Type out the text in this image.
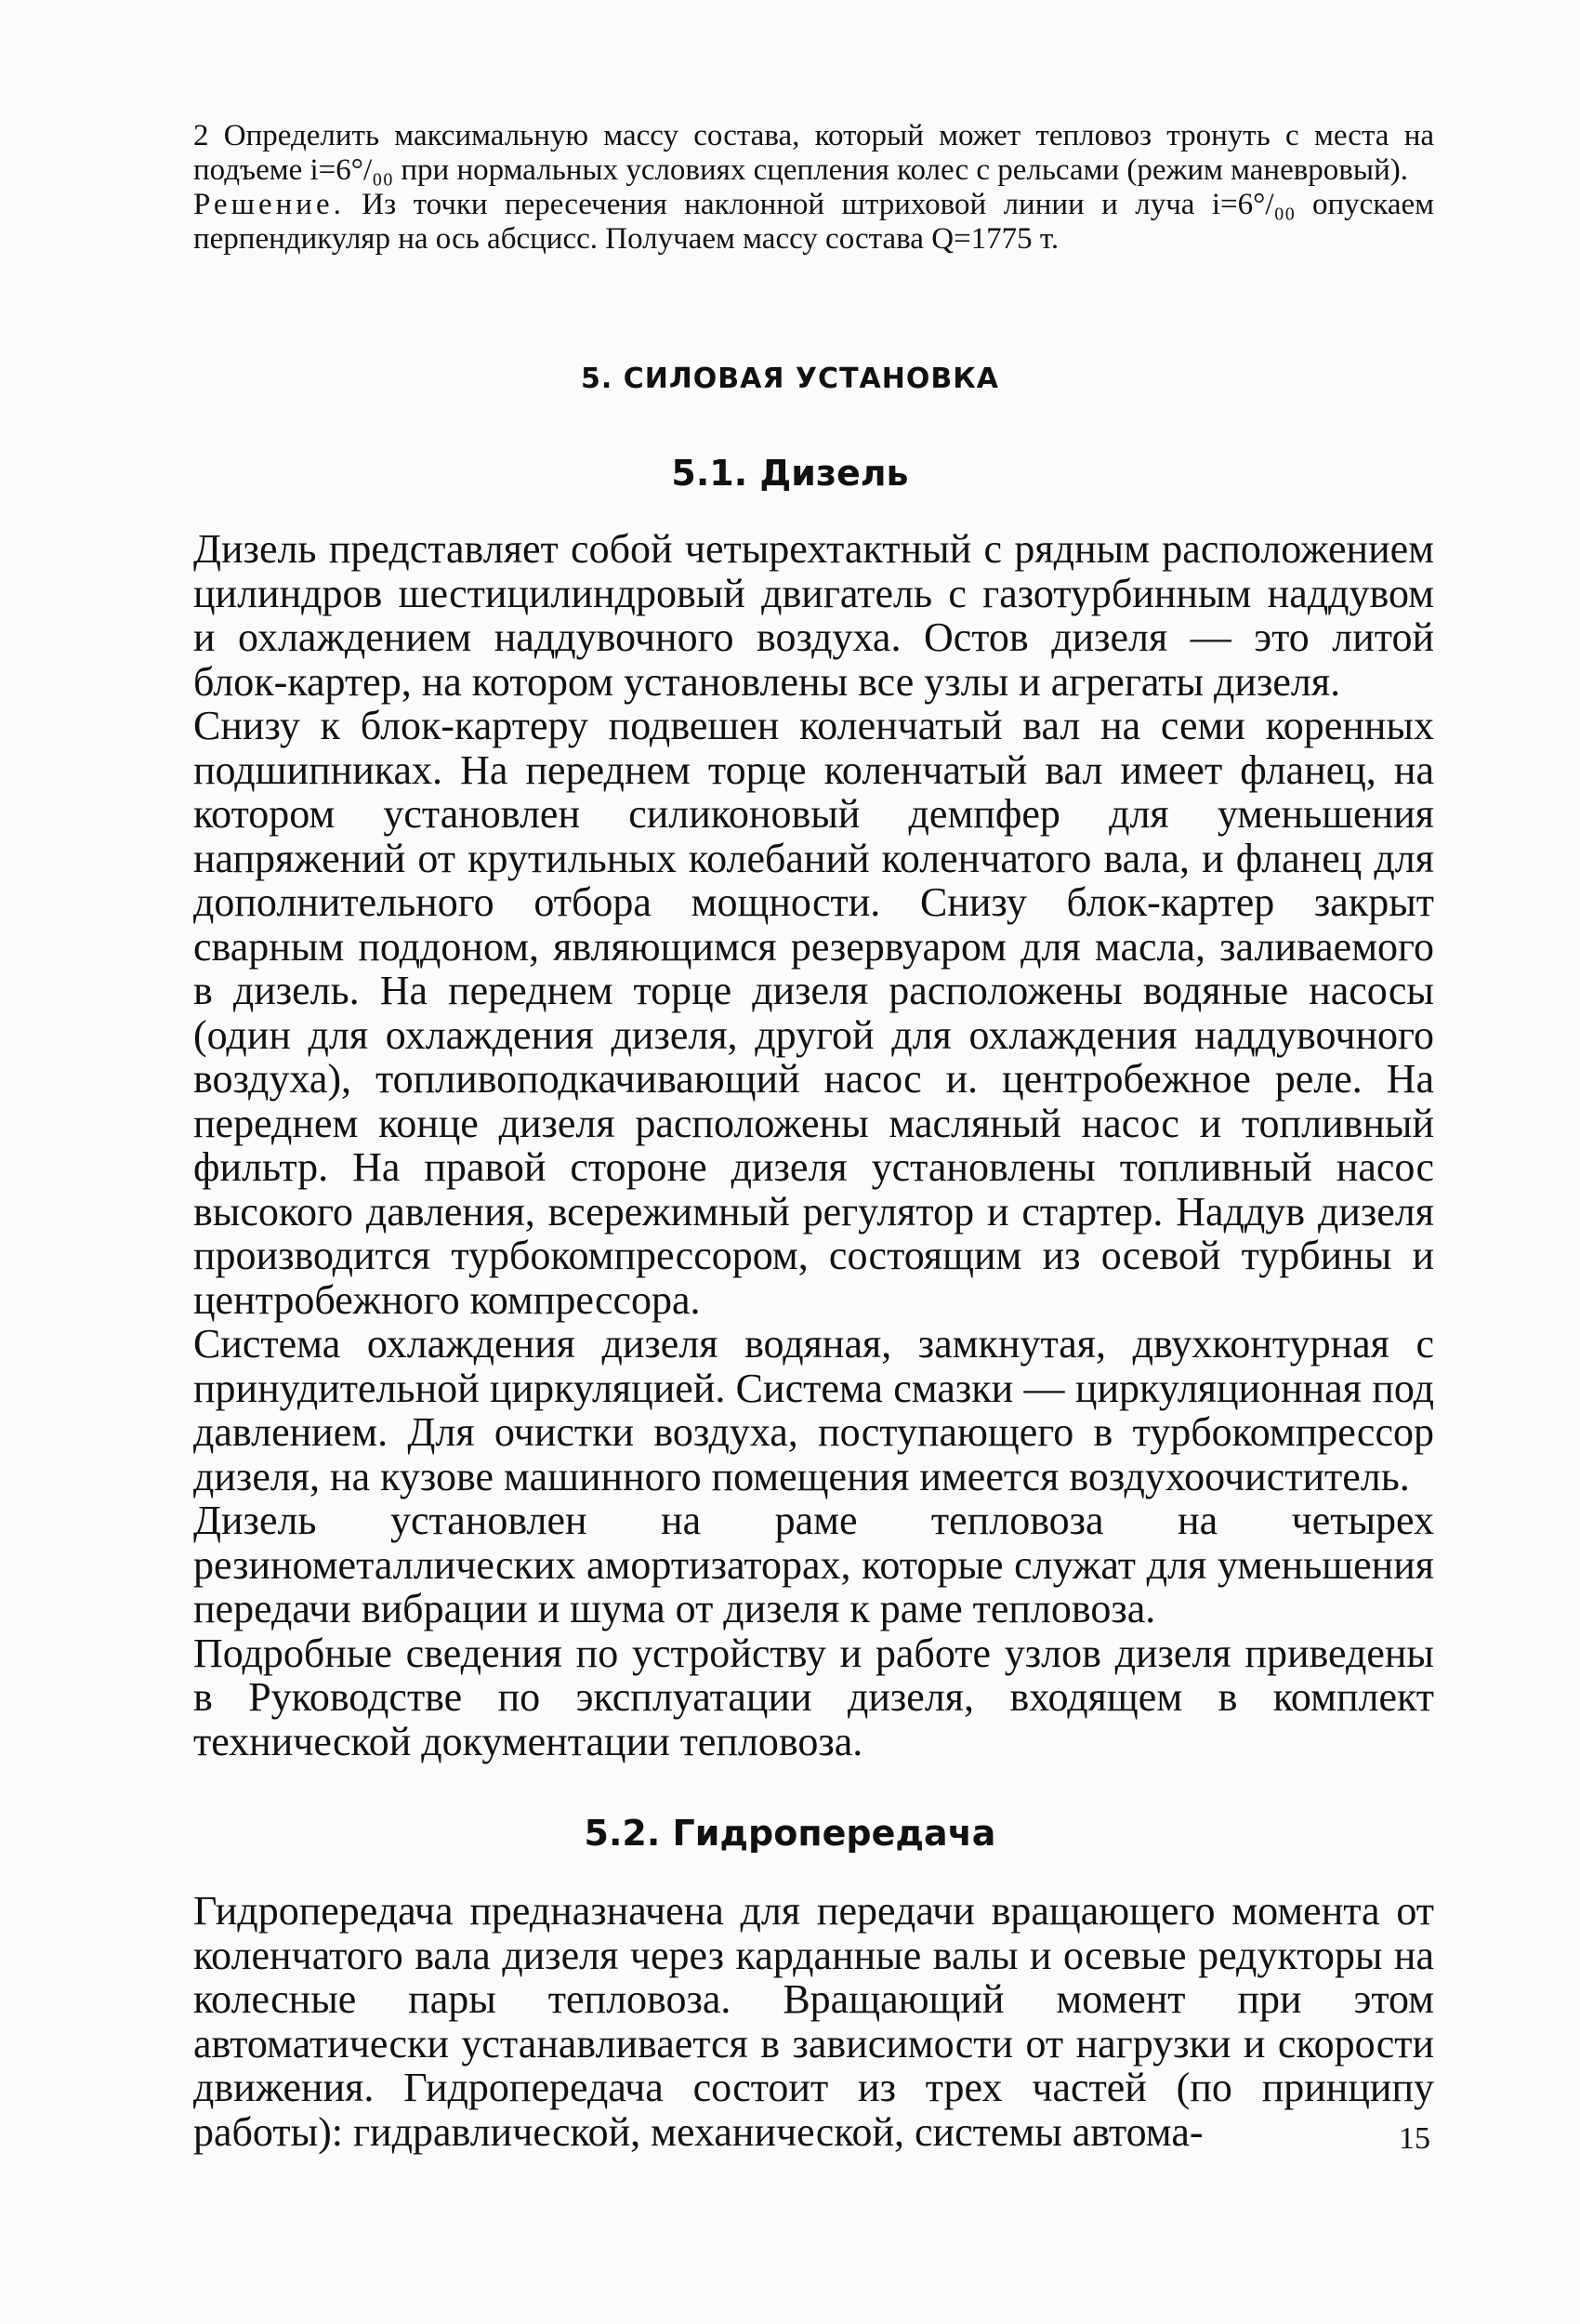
2 Определить максимальную массу состава, который может тепловоз тронуть с места на подъеме i=6°/₀₀ при нормальных условиях сцепления колес с рельсами (режим маневровый).

Решение. Из точки пересечения наклонной штриховой линии и луча i=6°/₀₀ опускаем перпендикуляр на ось абсцисс. Получаем массу состава Q=1775 т.

5. СИЛОВАЯ УСТАНОВКА
5.1. Дизель

Дизель представляет собой четырехтактный с рядным расположением цилиндров шестицилиндровый двигатель с газотурбинным наддувом и охлаждением наддувочного воздуха. Остов дизеля — это литой блок-картер, на котором установлены все узлы и агрегаты дизеля.

Снизу к блок-картеру подвешен коленчатый вал на семи коренных подшипниках. На переднем торце коленчатый вал имеет фланец, на котором установлен силиконовый демпфер для уменьшения напряжений от крутильных колебаний коленчатого вала, и фланец для дополнительного отбора мощности. Снизу блок-картер закрыт сварным поддоном, являющимся резервуаром для масла, заливаемого в дизель. На переднем торце дизеля расположены водяные насосы (один для охлаждения дизеля, другой для охлаждения наддувочного воздуха), топливоподкачивающий насос и. центробежное реле. На переднем конце дизеля расположены масляный насос и топливный фильтр. На правой стороне дизеля установлены топливный насос высокого давления, всережимный регулятор и стартер. Наддув дизеля производится турбокомпрессором, состоящим из осевой турбины и центробежного компрессора.

Система охлаждения дизеля водяная, замкнутая, двухконтурная с принудительной циркуляцией. Система смазки — циркуляционная под давлением. Для очистки воздуха, поступающего в турбокомпрессор дизеля, на кузове машинного помещения имеется воздухоочиститель.

Дизель установлен на раме тепловоза на четырех резинометаллических амортизаторах, которые служат для уменьшения передачи вибрации и шума от дизеля к раме тепловоза.

Подробные сведения по устройству и работе узлов дизеля приведены в Руководстве по эксплуатации дизеля, входящем в комплект технической документации тепловоза.

5.2. Гидропередача

Гидропередача предназначена для передачи вращающего момента от коленчатого вала дизеля через карданные валы и осевые редукторы на колесные пары тепловоза. Вращающий момент при этом автоматически устанавливается в зависимости от нагрузки и скорости движения. Гидропередача состоит из трех частей (по принципу работы): гидравлической, механической, системы автома-	15
